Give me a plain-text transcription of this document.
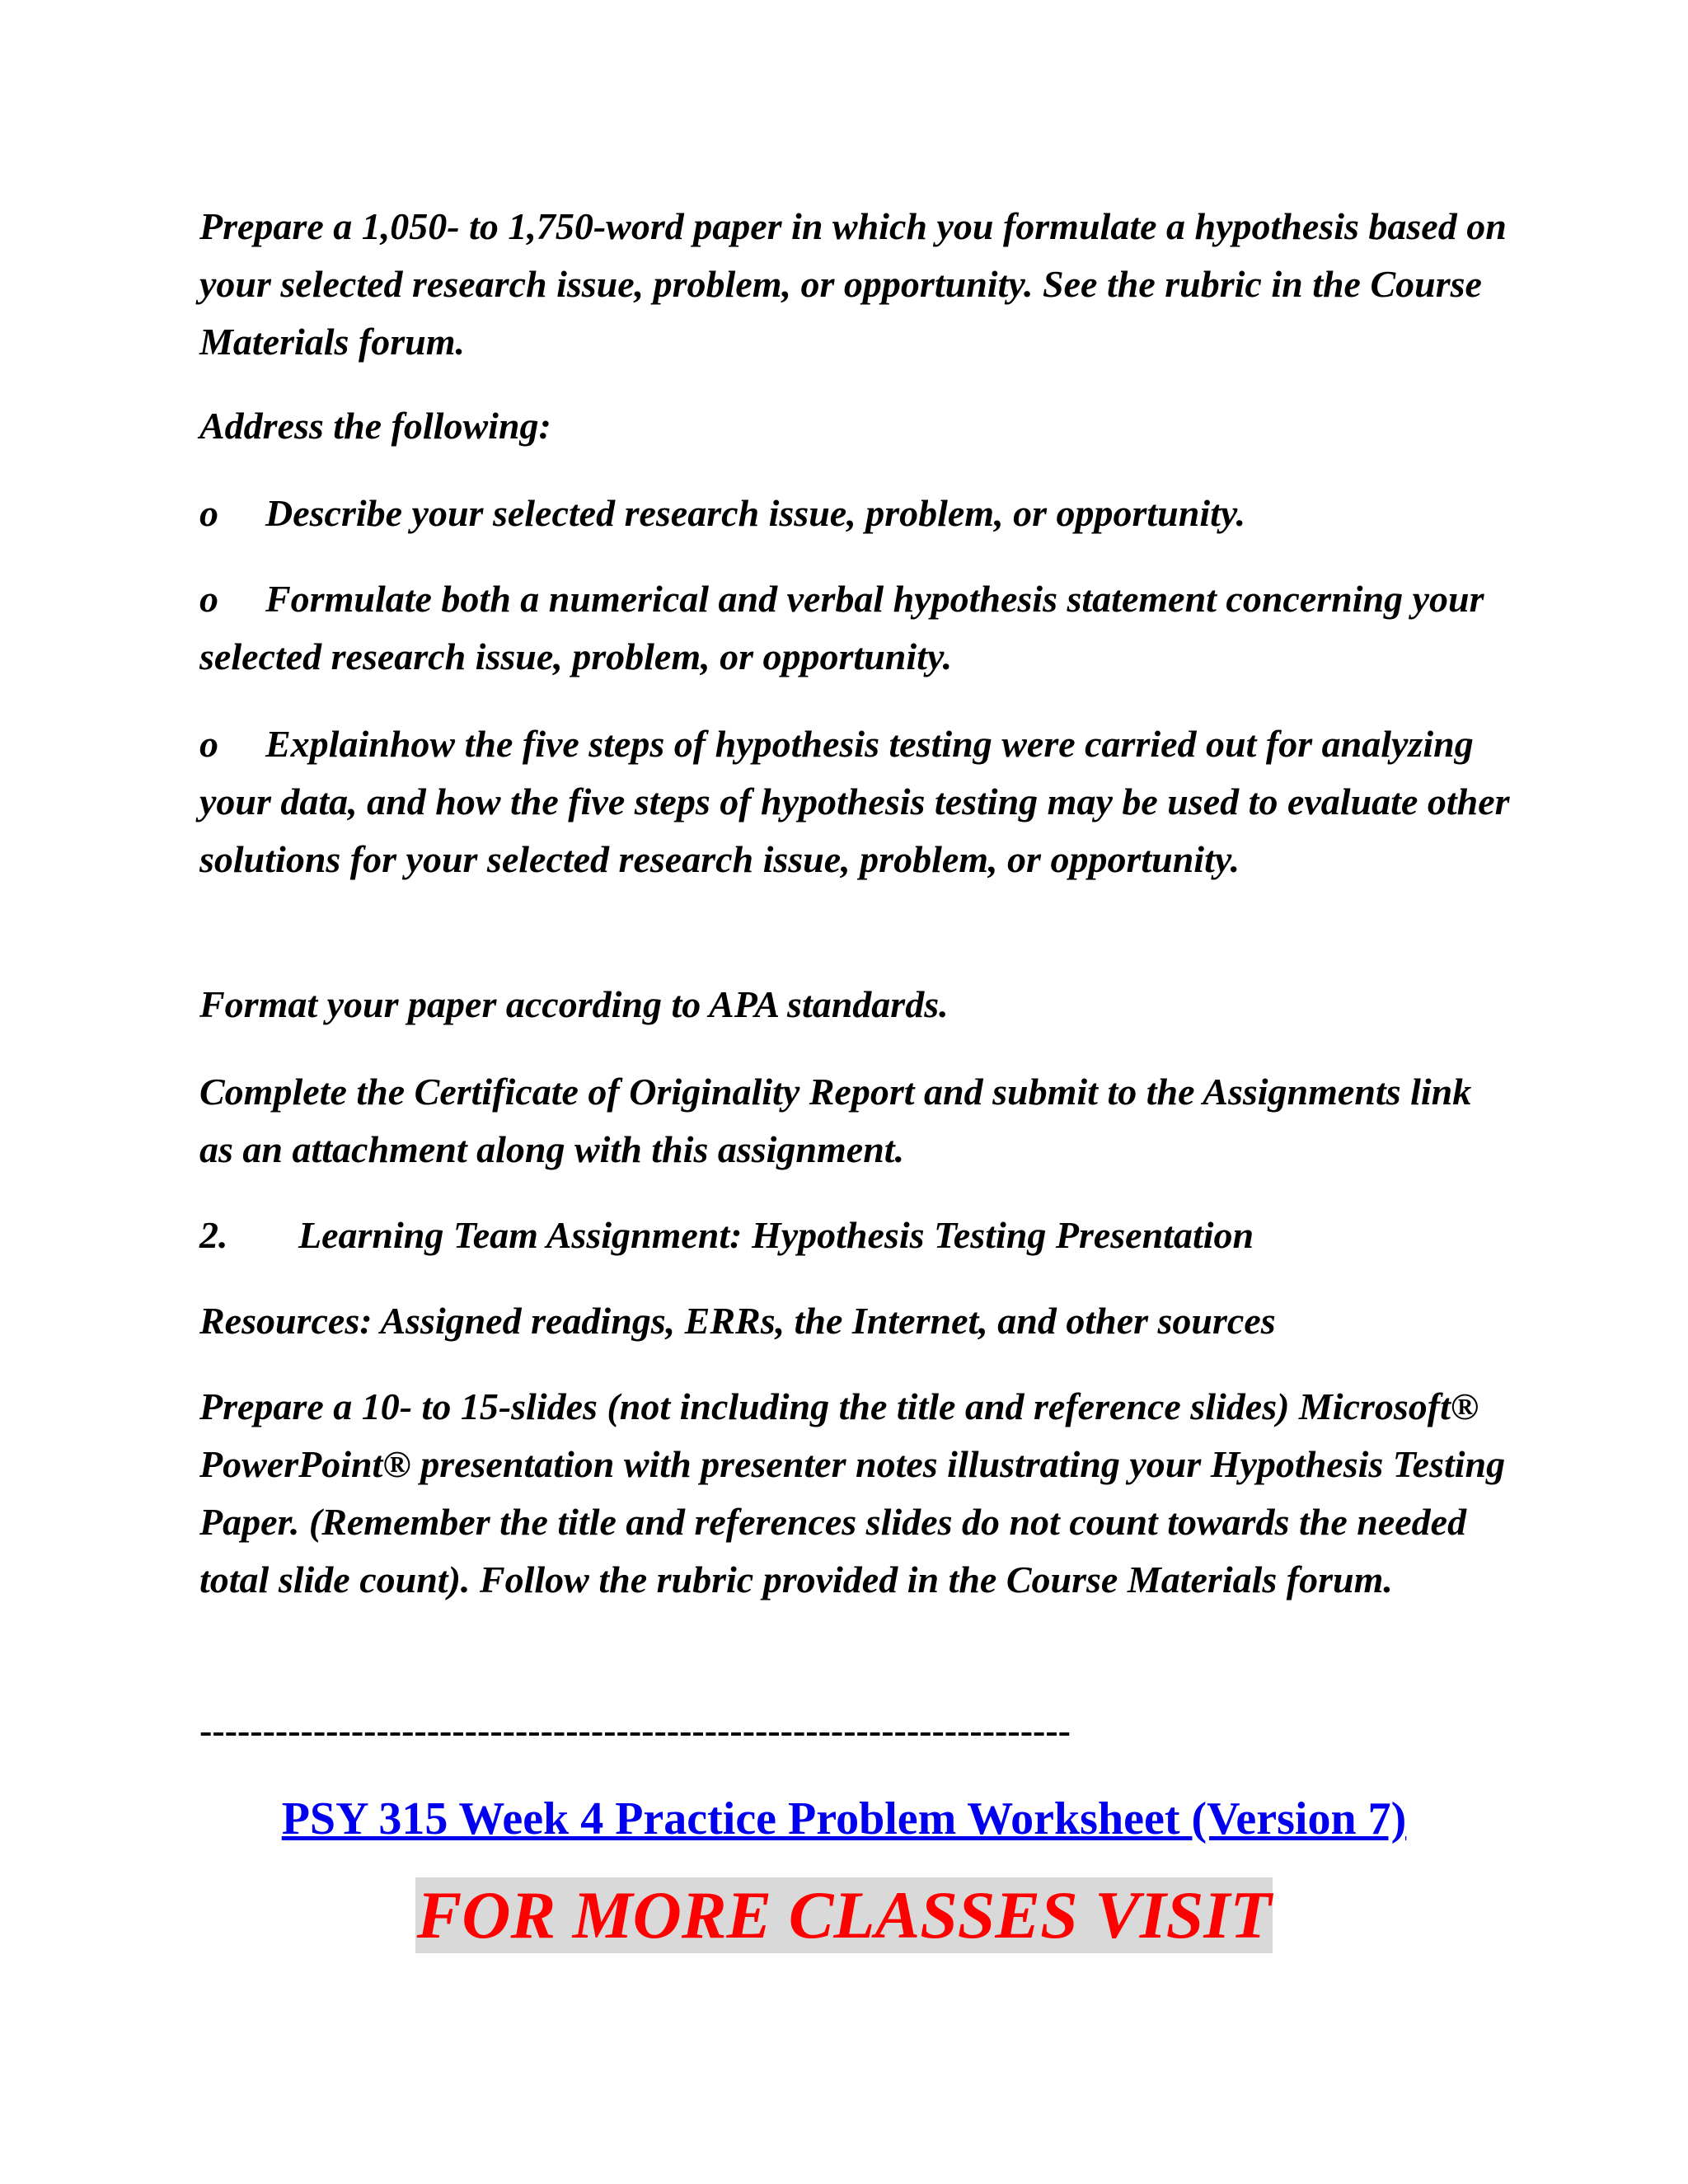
Prepare a 1,050- to 1,750-word paper in which you formulate a hypothesis based on your selected research issue, problem, or opportunity. See the rubric in the Course Materials forum.

Address the following:

o Describe your selected research issue, problem, or opportunity.

o Formulate both a numerical and verbal hypothesis statement concerning your selected research issue, problem, or opportunity.

o Explainhow the five steps of hypothesis testing were carried out for analyzing your data, and how the five steps of hypothesis testing may be used to evaluate other solutions for your selected research issue, problem, or opportunity.

Format your paper according to APA standards.

Complete the Certificate of Originality Report and submit to the Assignments link as an attachment along with this assignment.

2. Learning Team Assignment: Hypothesis Testing Presentation

Resources: Assigned readings, ERRs, the Internet, and other sources

Prepare a 10- to 15-slides (not including the title and reference slides) Microsoft® PowerPoint® presentation with presenter notes illustrating your Hypothesis Testing Paper. (Remember the title and references slides do not count towards the needed total slide count). Follow the rubric provided in the Course Materials forum.

---------------------------------------------------------------------

PSY 315 Week 4 Practice Problem Worksheet (Version 7)

FOR MORE CLASSES VISIT
